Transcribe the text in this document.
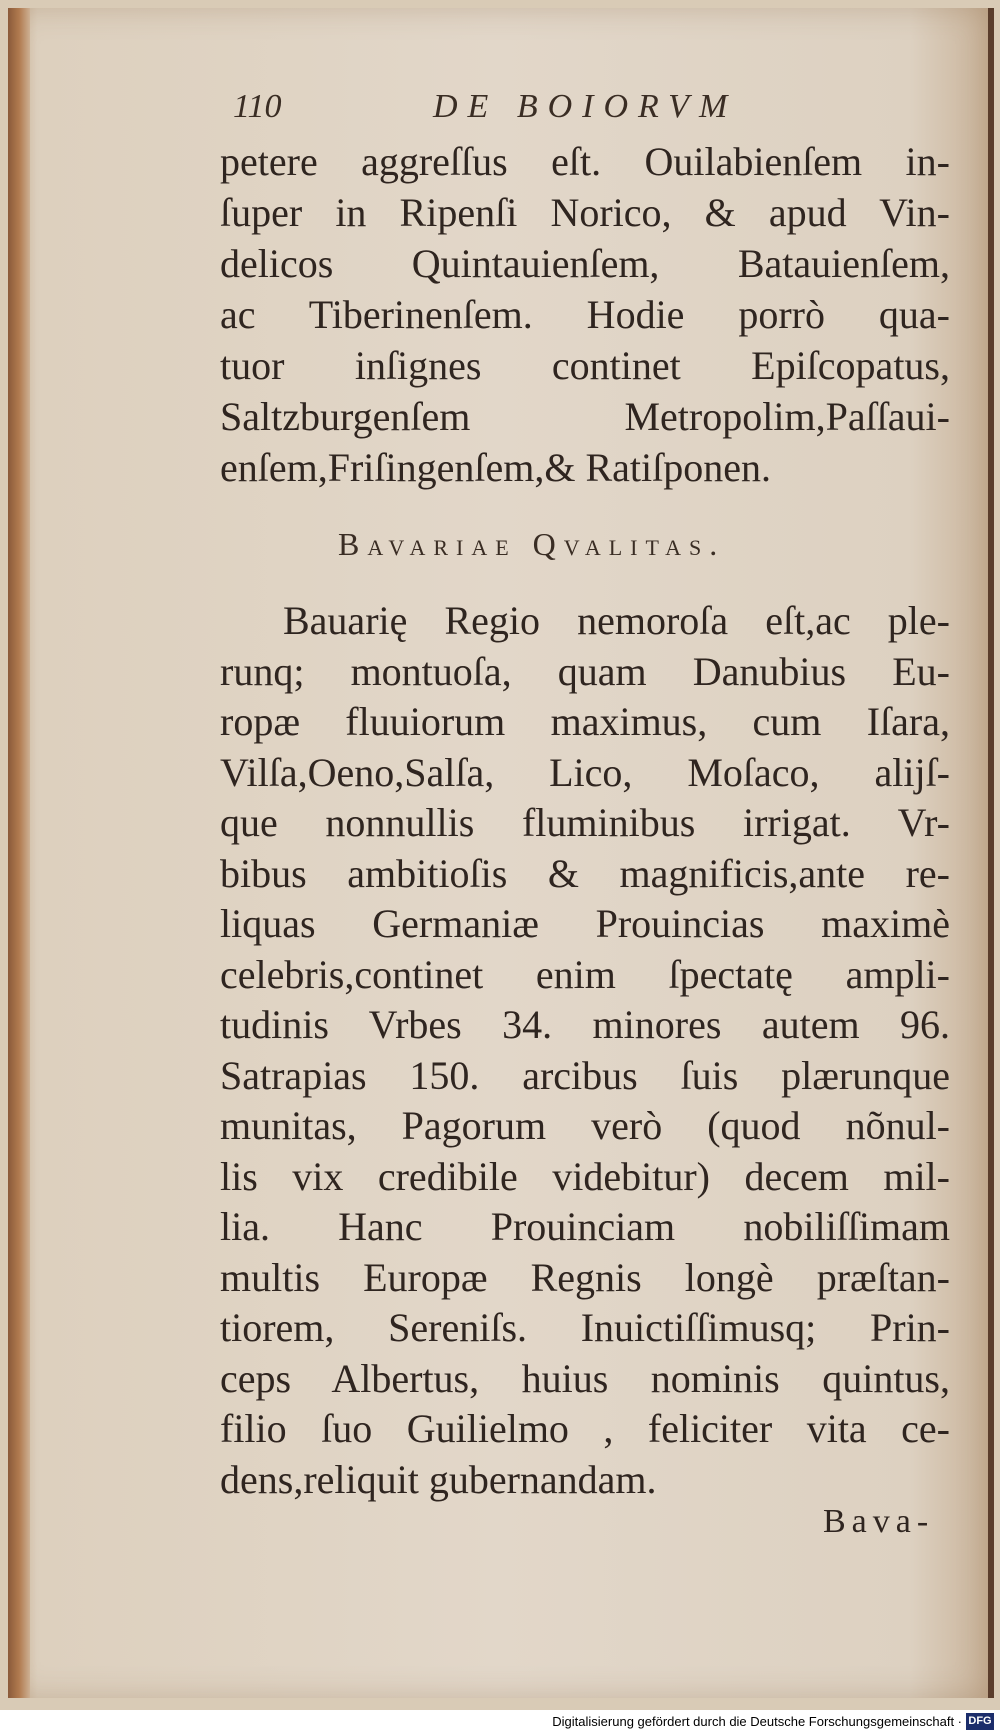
110	DE BOIORVM
petere aggreſſus eſt. Ouilabienſem in-
ſuper in Ripenſi Norico, & apud Vin-
delicos Quintauienſem, Batauienſem,
ac Tiberinenſem. Hodie porrò qua-
tuor inſignes continet Epiſcopatus,
Saltzburgenſem Metropolim,Paſſaui-
enſem,Friſingenſem,& Ratiſponen.
Bavariae Qvalitas.
Bauarię Regio nemoroſa eſt,ac ple-
runq; montuoſa, quam Danubius Eu-
ropæ fluuiorum maximus, cum Iſara,
Vilſa,Oeno,Salſa, Lico, Moſaco, alijſ-
que nonnullis fluminibus irrigat. Vr-
bibus ambitioſis & magnificis,ante re-
liquas Germaniæ Prouincias maximè
celebris,continet enim ſpectatę ampli-
tudinis Vrbes 34. minores autem 96.
Satrapias 150. arcibus ſuis plærunque
munitas, Pagorum verò (quod nõnul-
lis vix credibile videbitur) decem mil-
lia. Hanc Prouinciam nobiliſſimam
multis Europæ Regnis longè præſtan-
tiorem, Sereniſs. Inuictiſſimusq; Prin-
ceps Albertus, huius nominis quintus,
filio ſuo Guilielmo , feliciter vita ce-
dens,reliquit gubernandam.
Bava-
Digitalisierung gefördert durch die Deutsche Forschungsgemeinschaft · DFG
